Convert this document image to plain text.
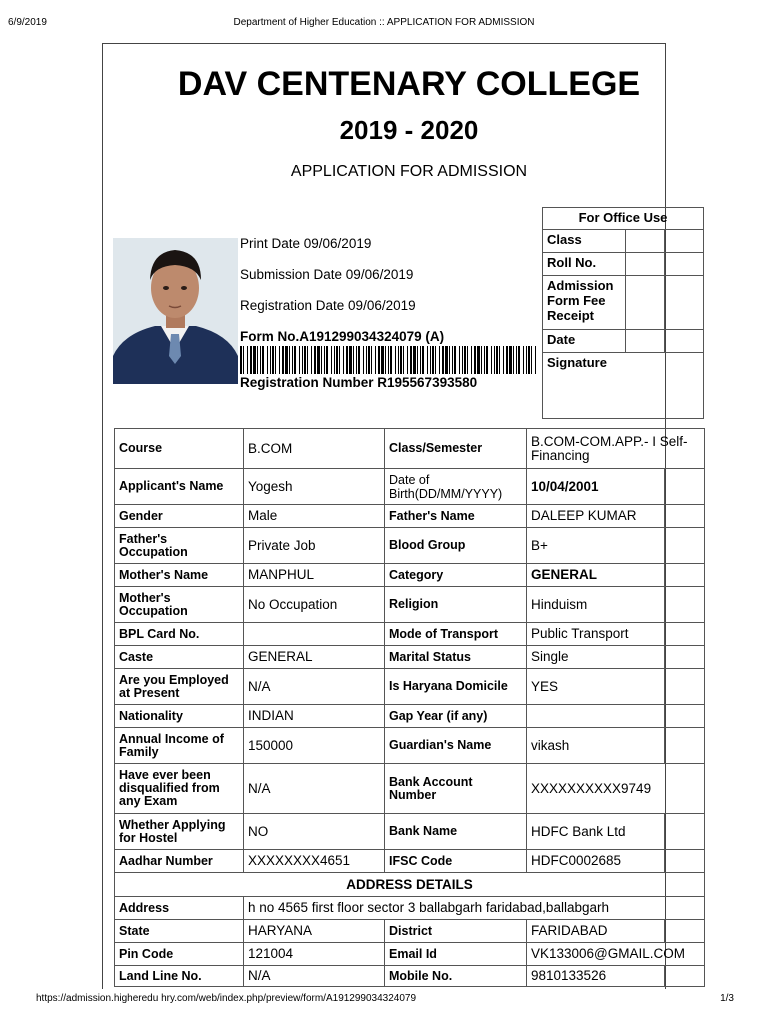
6/9/2019	Department of Higher Education :: APPLICATION FOR ADMISSION
DAV CENTENARY COLLEGE
2019 - 2020
APPLICATION FOR ADMISSION
Print Date 09/06/2019
Submission Date 09/06/2019
Registration Date 09/06/2019
Form No.A191299034324079 (A)
Registration Number R195567393580
For Office Use		
Class		
Roll No.		
Admission Form Fee Receipt		
Date		
Signature		
Course	B.COM	Class/Semester	B.COM-COM.APP.- I Self-Financing	
Applicant's Name	Yogesh	Date of Birth(DD/MM/YYYY)	10/04/2001	
Gender	Male	Father's Name	DALEEP KUMAR	
Father's Occupation	Private Job	Blood Group	B+	
Mother's Name	MANPHUL	Category	GENERAL	
Mother's Occupation	No Occupation	Religion	Hinduism	
BPL Card No.		Mode of Transport	Public Transport	
Caste	GENERAL	Marital Status	Single	
Are you Employed at Present	N/A	Is Haryana Domicile	YES	
Nationality	INDIAN	Gap Year (if any)		
Annual Income of Family	150000	Guardian's Name	vikash	
Have ever been disqualified from any Exam	N/A	Bank Account Number	XXXXXXXXXX9749	
Whether Applying for Hostel	NO	Bank Name	HDFC Bank Ltd	
Aadhar Number	XXXXXXXX4651	IFSC Code	HDFC0002685	
ADDRESS DETAILS				
Address	h no 4565 first floor sector 3 ballabgarh faridabad,ballabgarh			
State	HARYANA	District	FARIDABAD	
Pin Code	121004	Email Id	VK133006@GMAIL.COM	
Land Line No.	N/A	Mobile No.	9810133526	
https://admission.higheredu hry.com/web/index.php/preview/form/A191299034324079	1/3
